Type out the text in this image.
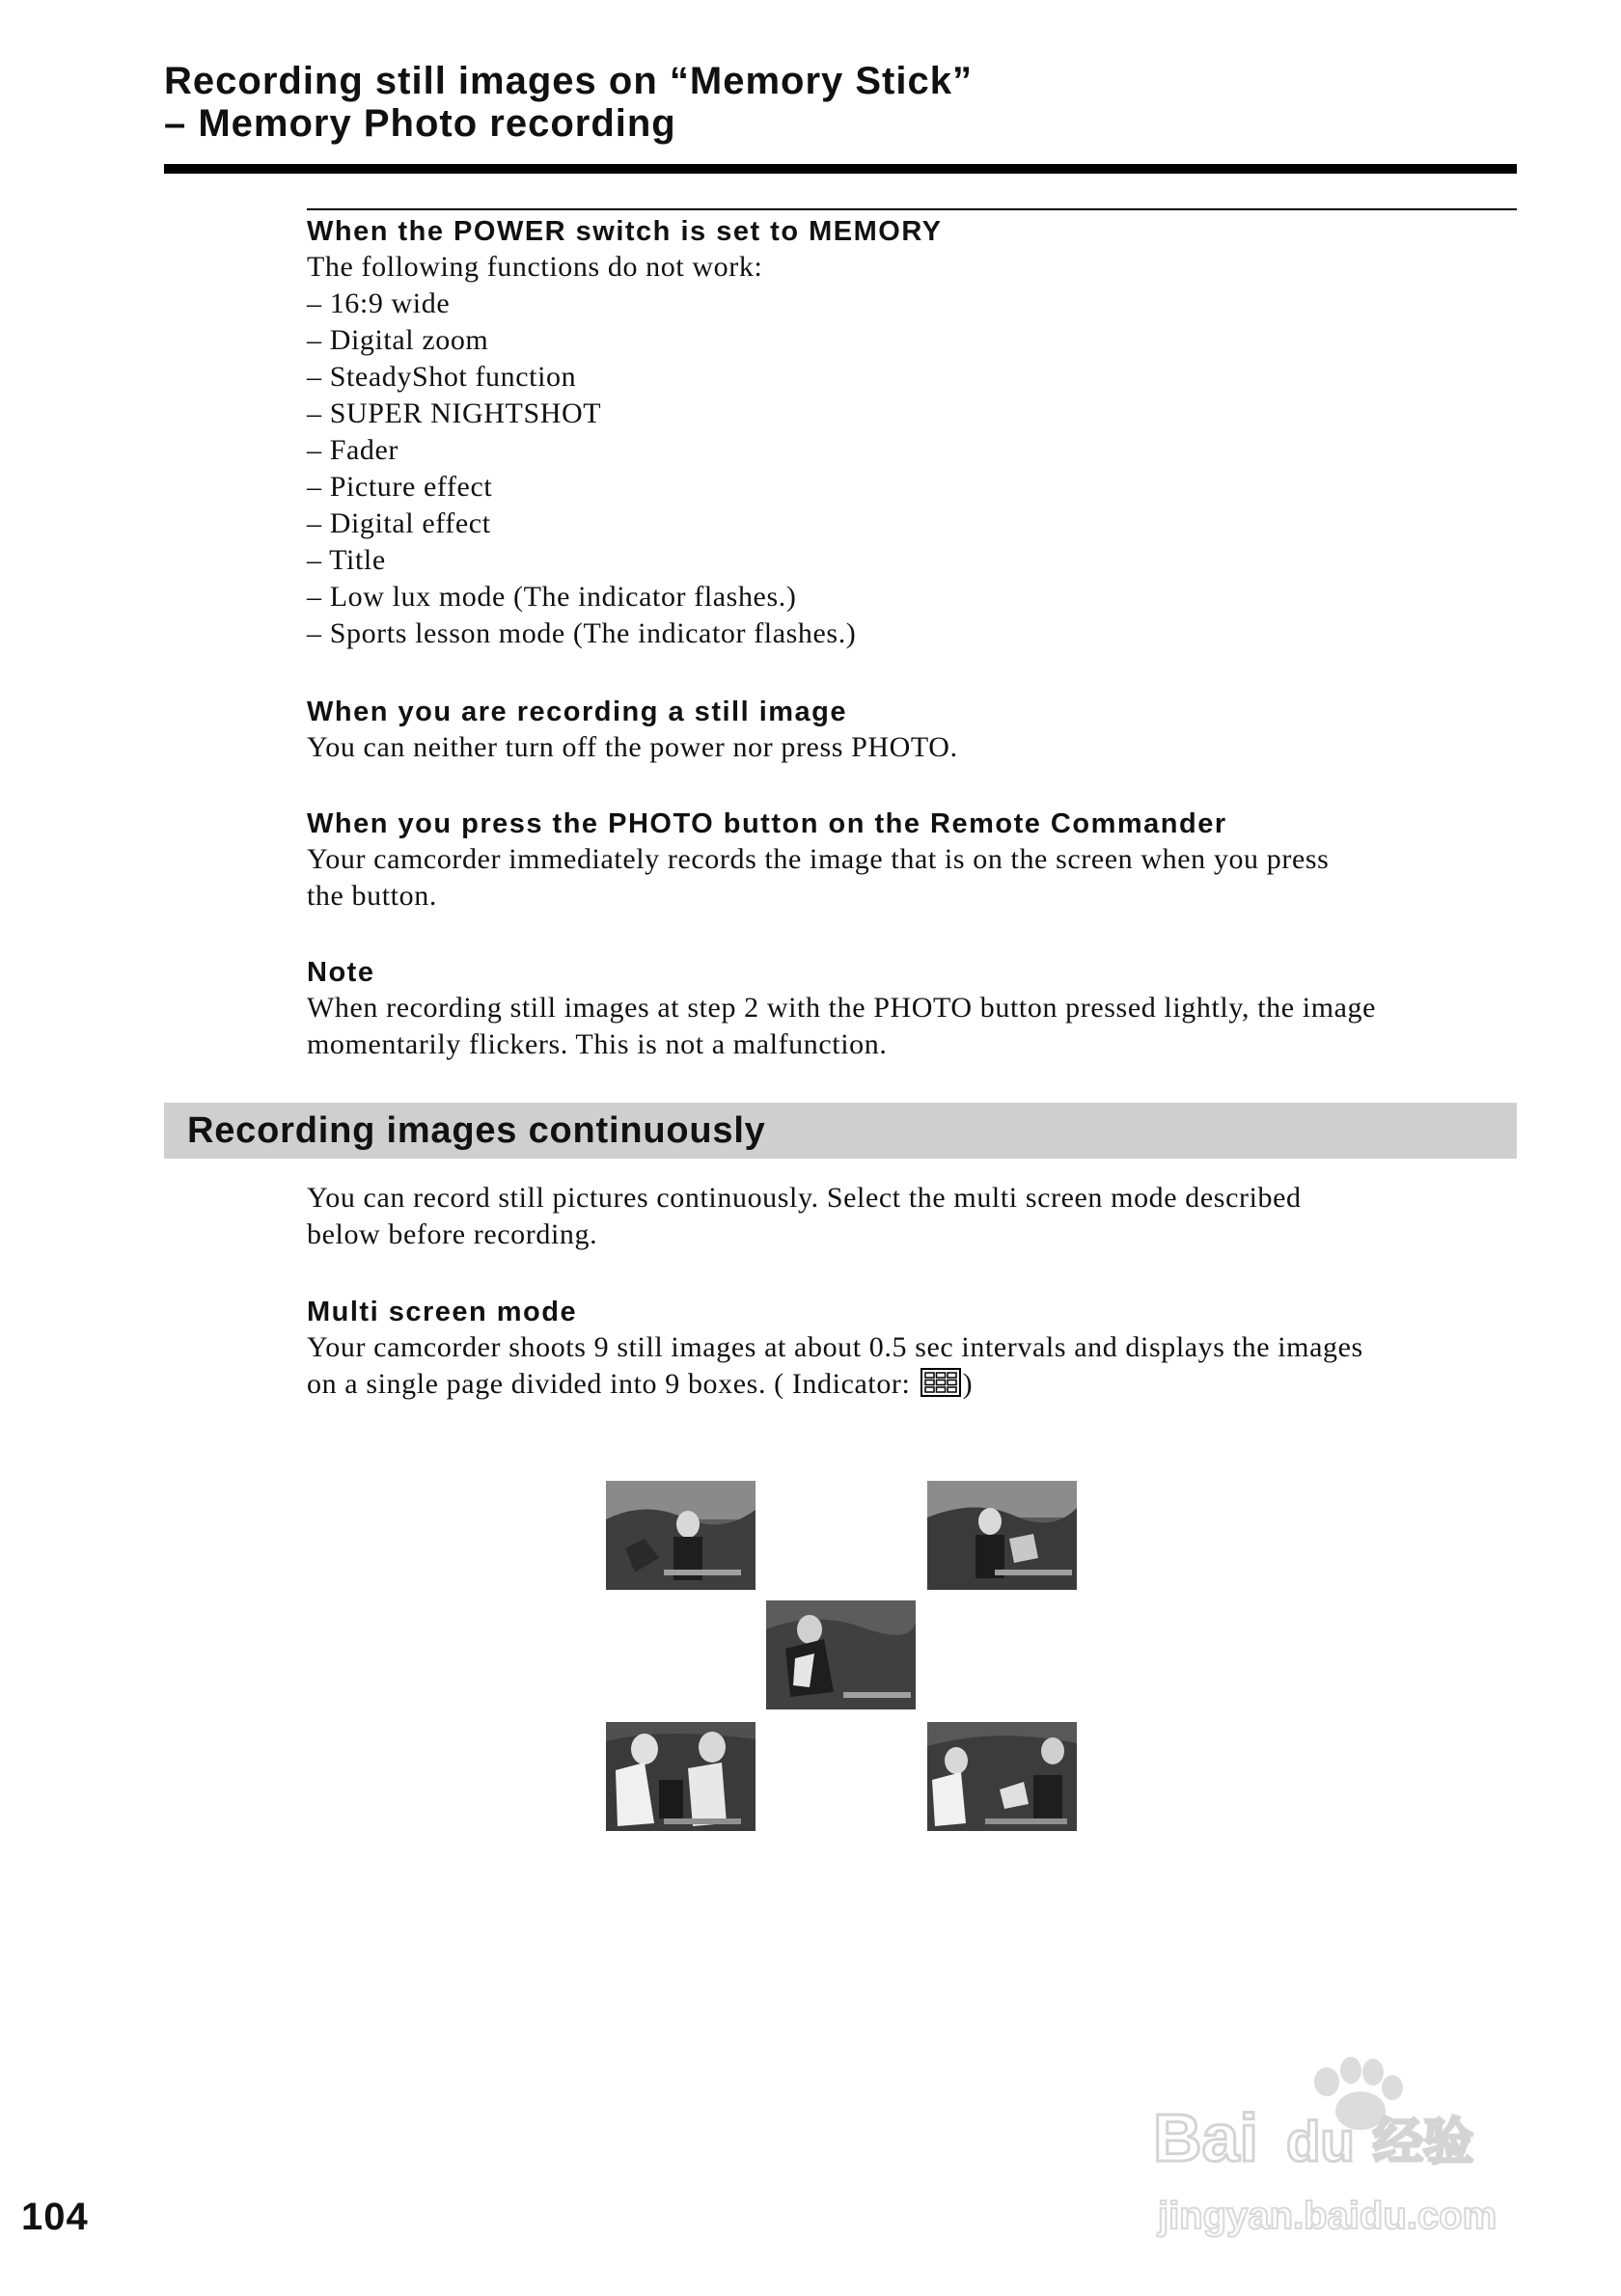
Recording still images on “Memory Stick”
– Memory Photo recording
When the POWER switch is set to MEMORY
The following functions do not work:
– 16:9 wide
– Digital zoom
– SteadyShot function
– SUPER NIGHTSHOT
– Fader
– Picture effect
– Digital effect
– Title
– Low lux mode (The indicator flashes.)
– Sports lesson mode (The indicator flashes.)
When you are recording a still image
You can neither turn off the power nor press PHOTO.
When you press the PHOTO button on the Remote Commander
Your camcorder immediately records the image that is on the screen when you press
the button.
Note
When recording still images at step 2 with the PHOTO button pressed lightly, the image
momentarily flickers. This is not a malfunction.
Recording images continuously
You can record still pictures continuously. Select the multi screen mode described
below before recording.
Multi screen mode
Your camcorder shoots 9 still images at about 0.5 sec intervals and displays the images
on a single page divided into 9 boxes. ( Indicator: )
104
Bai du 经验
jingyan.baidu.com
